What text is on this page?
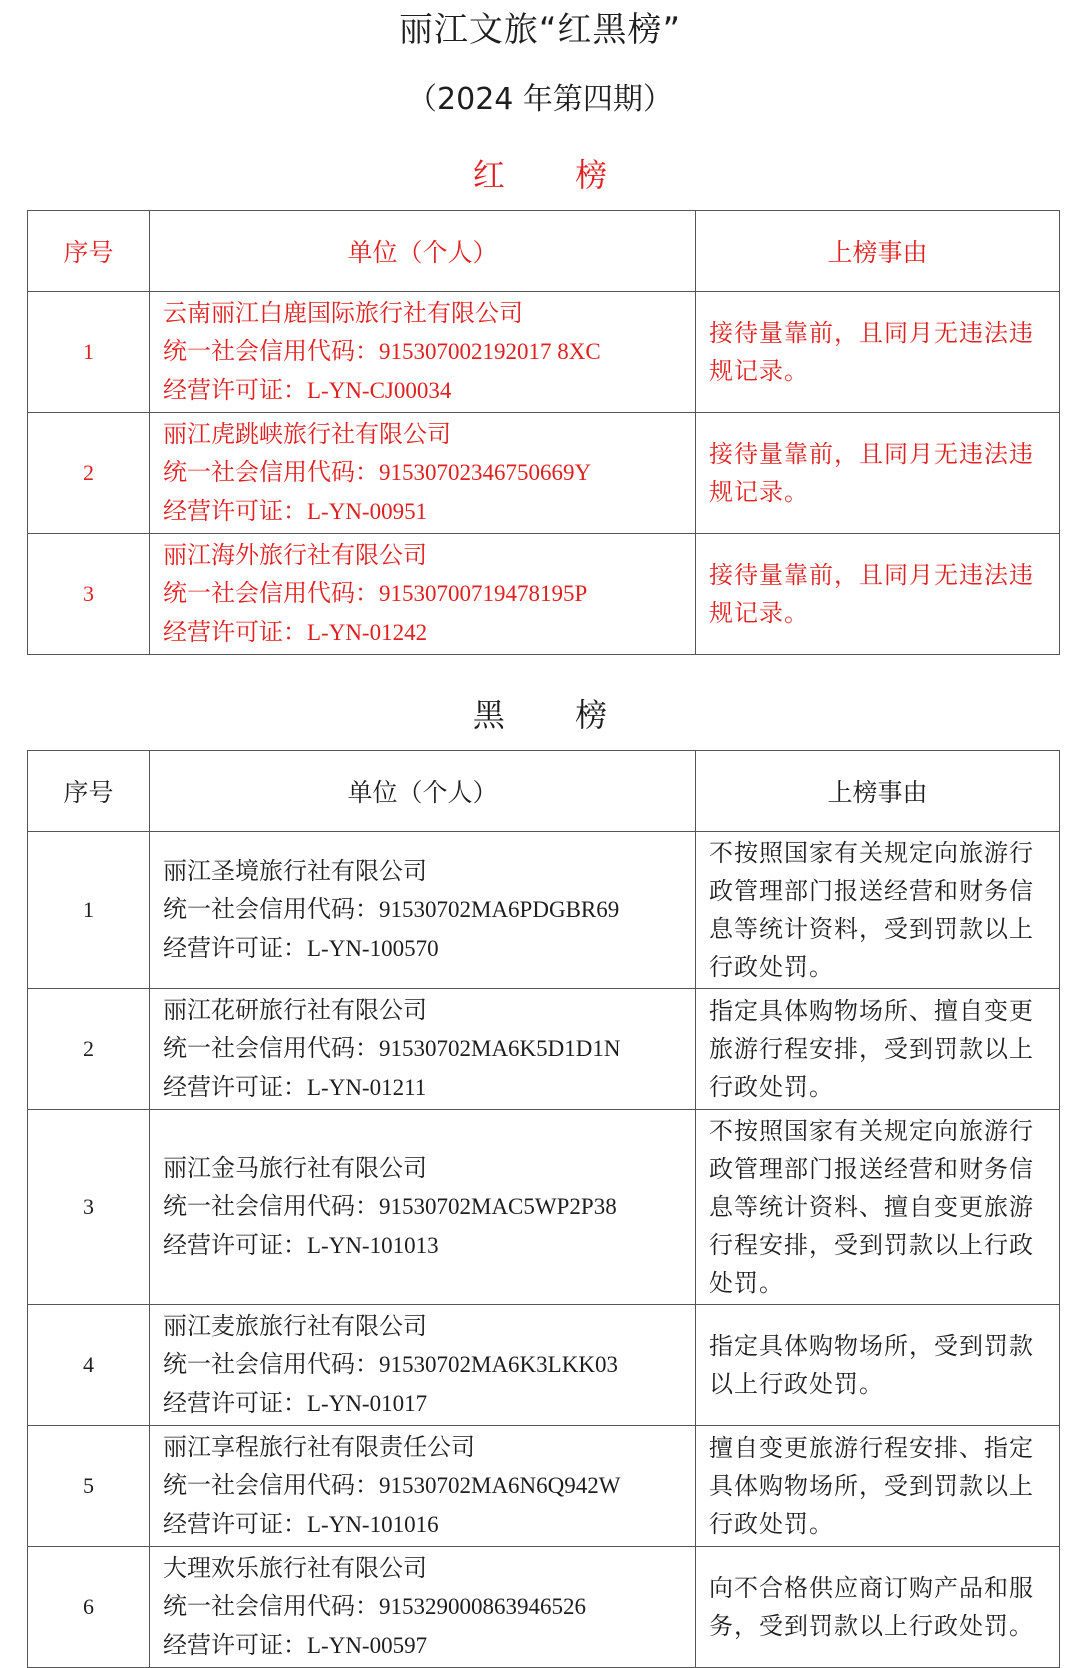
丽江文旅“红黑榜”
（2024 年第四期）
红 榜
序号	单位（个人）	上榜事由
1	云南丽江白鹿国际旅行社有限公司
统一社会信用代码：915307002192017 8XC
经营许可证：L-YN-CJ00034	接待量靠前，且同月无违法违规记录。
2	丽江虎跳峡旅行社有限公司
统一社会信用代码：91530702346750669Y
经营许可证：L-YN-00951	接待量靠前，且同月无违法违规记录。
3	丽江海外旅行社有限公司
统一社会信用代码：91530700719478195P
经营许可证：L-YN-01242	接待量靠前，且同月无违法违规记录。
黑 榜
序号	单位（个人）	上榜事由
1	丽江圣境旅行社有限公司
统一社会信用代码：91530702MA6PDGBR69
经营许可证：L-YN-100570	不按照国家有关规定向旅游行政管理部门报送经营和财务信息等统计资料，受到罚款以上行政处罚。
2	丽江花研旅行社有限公司
统一社会信用代码：91530702MA6K5D1D1N
经营许可证：L-YN-01211	指定具体购物场所、擅自变更旅游行程安排，受到罚款以上行政处罚。
3	丽江金马旅行社有限公司
统一社会信用代码：91530702MAC5WP2P38
经营许可证：L-YN-101013	不按照国家有关规定向旅游行政管理部门报送经营和财务信息等统计资料、擅自变更旅游行程安排，受到罚款以上行政处罚。
4	丽江麦旅旅行社有限公司
统一社会信用代码：91530702MA6K3LKK03
经营许可证：L-YN-01017	指定具体购物场所，受到罚款以上行政处罚。
5	丽江享程旅行社有限责任公司
统一社会信用代码：91530702MA6N6Q942W
经营许可证：L-YN-101016	擅自变更旅游行程安排、指定具体购物场所，受到罚款以上行政处罚。
6	大理欢乐旅行社有限公司
统一社会信用代码：915329000863946526
经营许可证：L-YN-00597	向不合格供应商订购产品和服务，受到罚款以上行政处罚。
